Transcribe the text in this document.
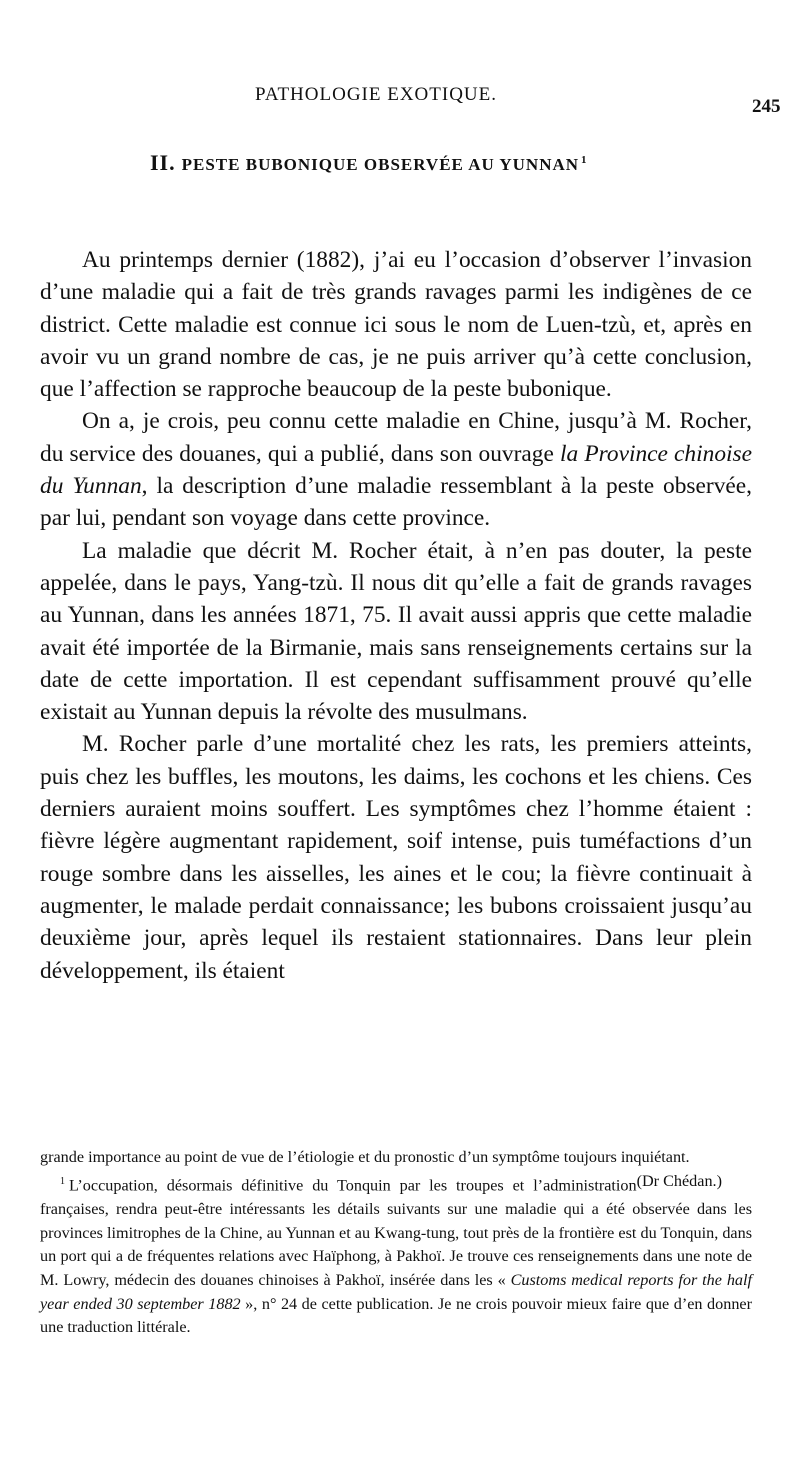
PATHOLOGIE EXOTIQUE.
245
II. PESTE BUBONIQUE OBSERVÉE AU YUNNAN $^1$

Au printemps dernier (1882), j’ai eu l’occasion d’observer l’invasion d’une maladie qui a fait de très grands ravages parmi les indigènes de ce district. Cette maladie est connue ici sous le nom de Luen-tzù, et, après en avoir vu un grand nombre de cas, je ne puis arriver qu’à cette conclusion, que l’affection se rapproche beaucoup de la peste bubonique.

On a, je crois, peu connu cette maladie en Chine, jusqu’à M. Rocher, du service des douanes, qui a publié, dans son ouvrage la Province chinoise du Yunnan, la description d’une maladie ressemblant à la peste observée, par lui, pendant son voyage dans cette province.

La maladie que décrit M. Rocher était, à n’en pas douter, la peste appelée, dans le pays, Yang-tzù. Il nous dit qu’elle a fait de grands ravages au Yunnan, dans les années 1871, 75. Il avait aussi appris que cette maladie avait été importée de la Birmanie, mais sans renseignements certains sur la date de cette importation. Il est cependant suffisamment prouvé qu’elle existait au Yunnan depuis la révolte des musulmans.

M. Rocher parle d’une mortalité chez les rats, les premiers atteints, puis chez les buffles, les moutons, les daims, les cochons et les chiens. Ces derniers auraient moins souffert. Les symptômes chez l’homme étaient : fièvre légère augmentant rapidement, soif intense, puis tuméfactions d’un rouge sombre dans les aisselles, les aines et le cou; la fièvre continuait à augmenter, le malade perdait connaissance; les bubons croissaient jusqu’au deuxième jour, après lequel ils restaient stationnaires. Dans leur plein développement, ils étaient

grande importance au point de vue de l’étiologie et du pronostic d’un symptôme toujours inquiétant.
(Dr Chédan.)

$^1$ L’occupation, désormais définitive du Tonquin par les troupes et l’administration françaises, rendra peut-être intéressants les détails suivants sur une maladie qui a été observée dans les provinces limitrophes de la Chine, au Yunnan et au Kwang-tung, tout près de la frontière est du Tonquin, dans un port qui a de fréquentes relations avec Haïphong, à Pakhoï. Je trouve ces renseignements dans une note de M. Lowry, médecin des douanes chinoises à Pakhoï, insérée dans les « Customs medical reports for the half year ended 30 september 1882 », n° 24 de cette publication. Je ne crois pouvoir mieux faire que d’en donner une traduction littérale.
